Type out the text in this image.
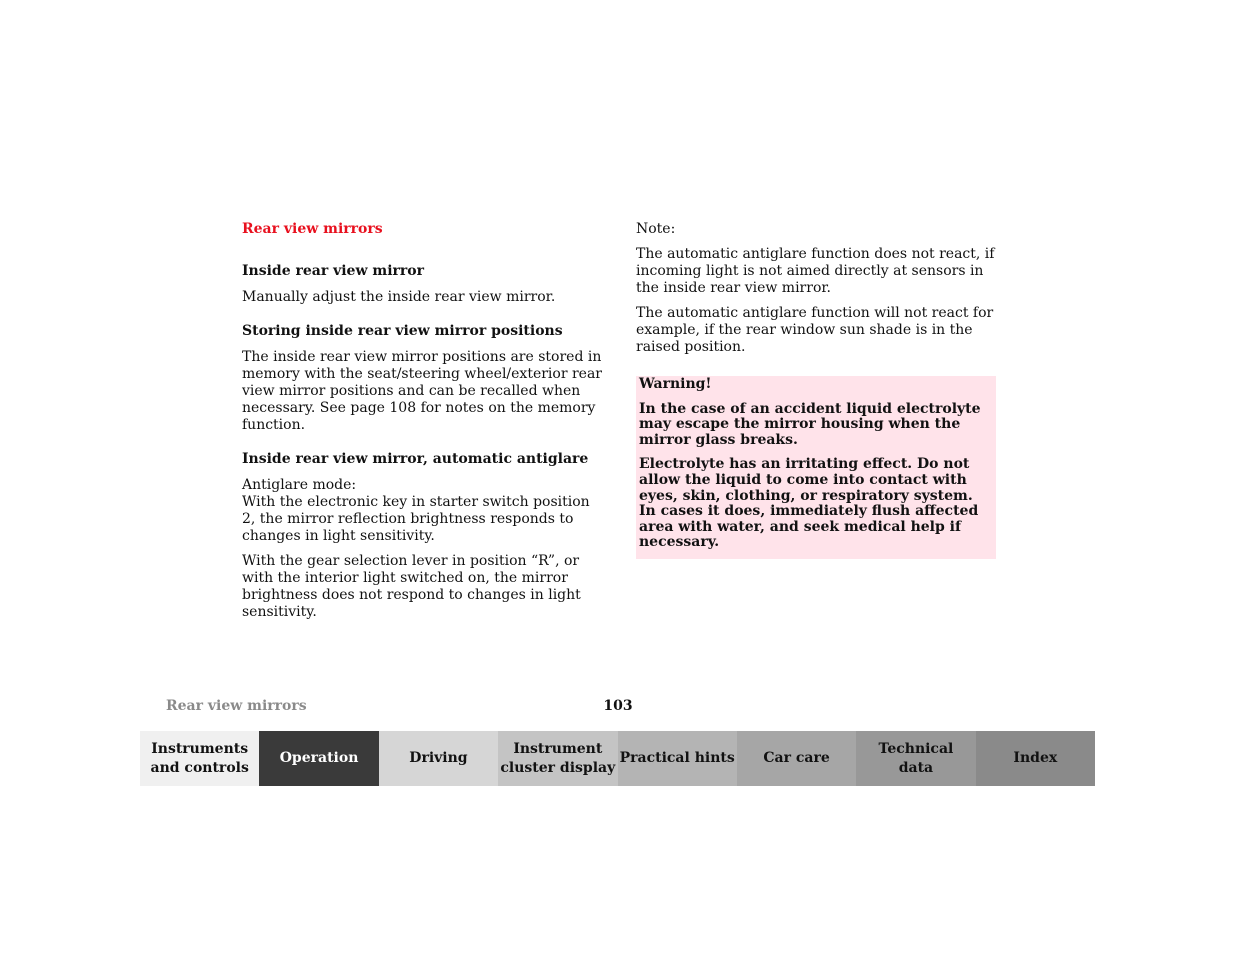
Rear view mirrors
Inside rear view mirror

Manually adjust the inside rear view mirror.

Storing inside rear view mirror positions

The inside rear view mirror positions are stored in memory with the seat/steering wheel/exterior rear view mirror positions and can be recalled when necessary. See page 108 for notes on the memory function.

Inside rear view mirror, automatic antiglare

Antiglare mode:
With the electronic key in starter switch position 2, the mirror reflection brightness responds to changes in light sensitivity.

With the gear selection lever in position “R”, or with the interior light switched on, the mirror brightness does not respond to changes in light sensitivity.

Note:

The automatic antiglare function does not react, if incoming light is not aimed directly at sensors in the inside rear view mirror.

The automatic antiglare function will not react for example, if the rear window sun shade is in the raised position.

Warning!

In the case of an accident liquid electrolyte may escape the mirror housing when the mirror glass breaks.

Electrolyte has an irritating effect. Do not allow the liquid to come into contact with eyes, skin, clothing, or respiratory system. In cases it does, immediately flush affected area with water, and seek medical help if necessary.

Rear view mirrors	103
Instruments
and controls
Operation	Driving
Instrument
cluster display
Practical hints	Car care
Technical
data
Index
